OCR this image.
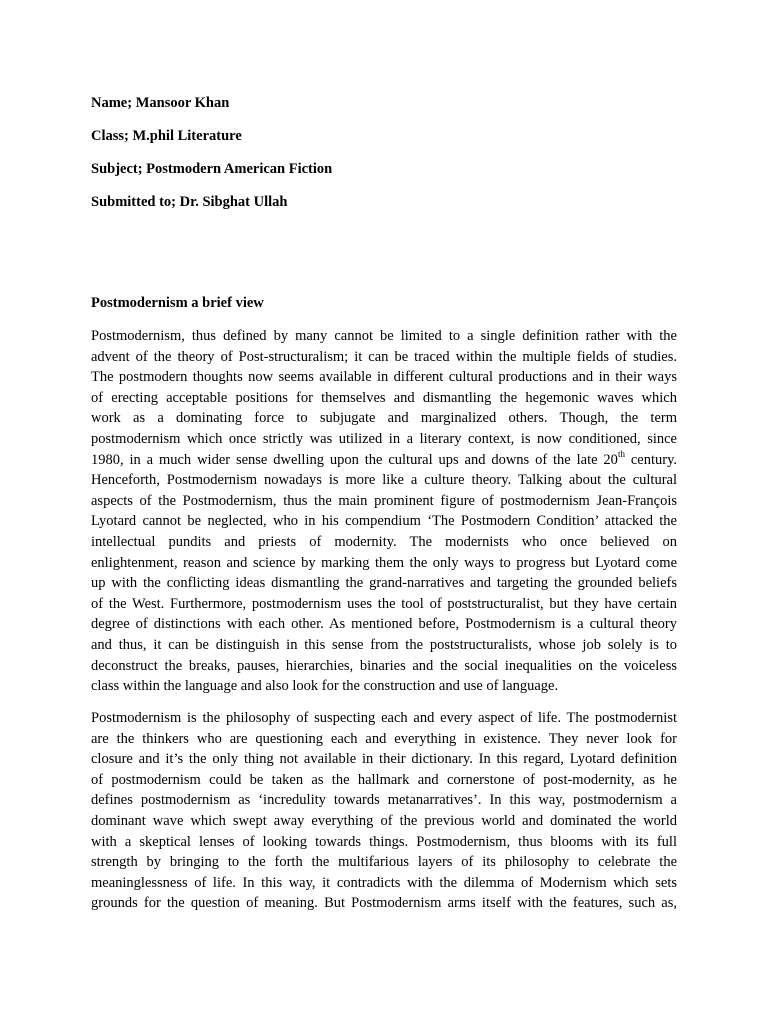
Name; Mansoor Khan
Class; M.phil Literature
Subject; Postmodern American Fiction
Submitted to; Dr. Sibghat Ullah
Postmodernism a brief view
Postmodernism, thus defined by many cannot be limited to a single definition rather with the
advent of the theory of Post-structuralism; it can be traced within the multiple fields of studies.
The postmodern thoughts now seems available in different cultural productions and in their ways
of erecting acceptable positions for themselves and dismantling the hegemonic waves which
work as a dominating force to subjugate and marginalized others. Though, the term
postmodernism which once strictly was utilized in a literary context, is now conditioned, since
1980, in a much wider sense dwelling upon the cultural ups and downs of the late 20th century.
Henceforth, Postmodernism nowadays is more like a culture theory. Talking about the cultural
aspects of the Postmodernism, thus the main prominent figure of postmodernism Jean-François
Lyotard cannot be neglected, who in his compendium ‘The Postmodern Condition’ attacked the
intellectual pundits and priests of modernity. The modernists who once believed on
enlightenment, reason and science by marking them the only ways to progress but Lyotard come
up with the conflicting ideas dismantling the grand-narratives and targeting the grounded beliefs
of the West. Furthermore, postmodernism uses the tool of poststructuralist, but they have certain
degree of distinctions with each other. As mentioned before, Postmodernism is a cultural theory
and thus, it can be distinguish in this sense from the poststructuralists, whose job solely is to
deconstruct the breaks, pauses, hierarchies, binaries and the social inequalities on the voiceless
class within the language and also look for the construction and use of language.
Postmodernism is the philosophy of suspecting each and every aspect of life. The postmodernist
are the thinkers who are questioning each and everything in existence. They never look for
closure and it’s the only thing not available in their dictionary. In this regard, Lyotard definition
of postmodernism could be taken as the hallmark and cornerstone of post-modernity, as he
defines postmodernism as ‘incredulity towards metanarratives’. In this way, postmodernism a
dominant wave which swept away everything of the previous world and dominated the world
with a skeptical lenses of looking towards things. Postmodernism, thus blooms with its full
strength by bringing to the forth the multifarious layers of its philosophy to celebrate the
meaninglessness of life. In this way, it contradicts with the dilemma of Modernism which sets
grounds for the question of meaning. But Postmodernism arms itself with the features, such as,
